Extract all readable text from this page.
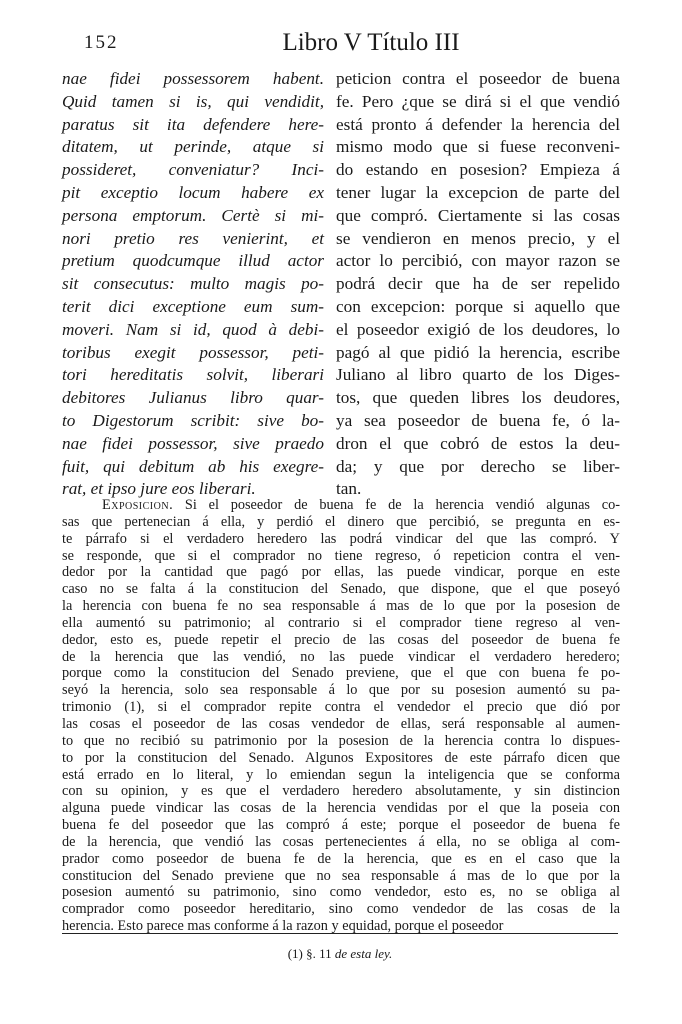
152	Libro V Título III
nae fidei possessorem habent.
Quid tamen si is, qui vendidit,
paratus sit ita defendere here-
ditatem, ut perinde, atque si
possideret, conveniatur? Inci-
pit exceptio locum habere ex
persona emptorum. Certè si mi-
nori pretio res venierint, et
pretium quodcumque illud actor
sit consecutus: multo magis po-
terit dici exceptione eum sum-
moveri. Nam si id, quod à debi-
toribus exegit possessor, peti-
tori hereditatis solvit, liberari
debitores Julianus libro quar-
to Digestorum scribit: sive bo-
nae fidei possessor, sive praedo
fuit, qui debitum ab his exegre-
rat, et ipso jure eos liberari.
peticion contra el poseedor de buena
fe. Pero ¿que se dirá si el que vendió
está pronto á defender la herencia del
mismo modo que si fuese reconveni-
do estando en posesion? Empieza á
tener lugar la excepcion de parte del
que compró. Ciertamente si las cosas
se vendieron en menos precio, y el
actor lo percibió, con mayor razon se
podrá decir que ha de ser repelido
con excepcion: porque si aquello que
el poseedor exigió de los deudores, lo
pagó al que pidió la herencia, escribe
Juliano al libro quarto de los Diges-
tos, que queden libres los deudores,
ya sea poseedor de buena fe, ó la-
dron el que cobró de estos la deu-
da; y que por derecho se liber-
tan.
Exposicion. Si el poseedor de buena fe de la herencia vendió algunas co-
sas que pertenecian á ella, y perdió el dinero que percibió, se pregunta en es-
te párrafo si el verdadero heredero las podrá vindicar del que las compró. Y
se responde, que si el comprador no tiene regreso, ó repeticion contra el ven-
dedor por la cantidad que pagó por ellas, las puede vindicar, porque en este
caso no se falta á la constitucion del Senado, que dispone, que el que poseyó
la herencia con buena fe no sea responsable á mas de lo que por la posesion de
ella aumentó su patrimonio; al contrario si el comprador tiene regreso al ven-
dedor, esto es, puede repetir el precio de las cosas del poseedor de buena fe
de la herencia que las vendió, no las puede vindicar el verdadero heredero;
porque como la constitucion del Senado previene, que el que con buena fe po-
seyó la herencia, solo sea responsable á lo que por su posesion aumentó su pa-
trimonio (1), si el comprador repite contra el vendedor el precio que dió por
las cosas el poseedor de las cosas vendedor de ellas, será responsable al aumen-
to que no recibió su patrimonio por la posesion de la herencia contra lo dispues-
to por la constitucion del Senado. Algunos Expositores de este párrafo dicen que
está errado en lo literal, y lo emiendan segun la inteligencia que se conforma
con su opinion, y es que el verdadero heredero absolutamente, y sin distincion
alguna puede vindicar las cosas de la herencia vendidas por el que la poseia con
buena fe del poseedor que las compró á este; porque el poseedor de buena fe
de la herencia, que vendió las cosas pertenecientes á ella, no se obliga al com-
prador como poseedor de buena fe de la herencia, que es en el caso que la
constitucion del Senado previene que no sea responsable á mas de lo que por la
posesion aumentó su patrimonio, sino como vendedor, esto es, no se obliga al
comprador como poseedor hereditario, sino como vendedor de las cosas de la
herencia. Esto parece mas conforme á la razon y equidad, porque el poseedor
(1) §. 11 de esta ley.
